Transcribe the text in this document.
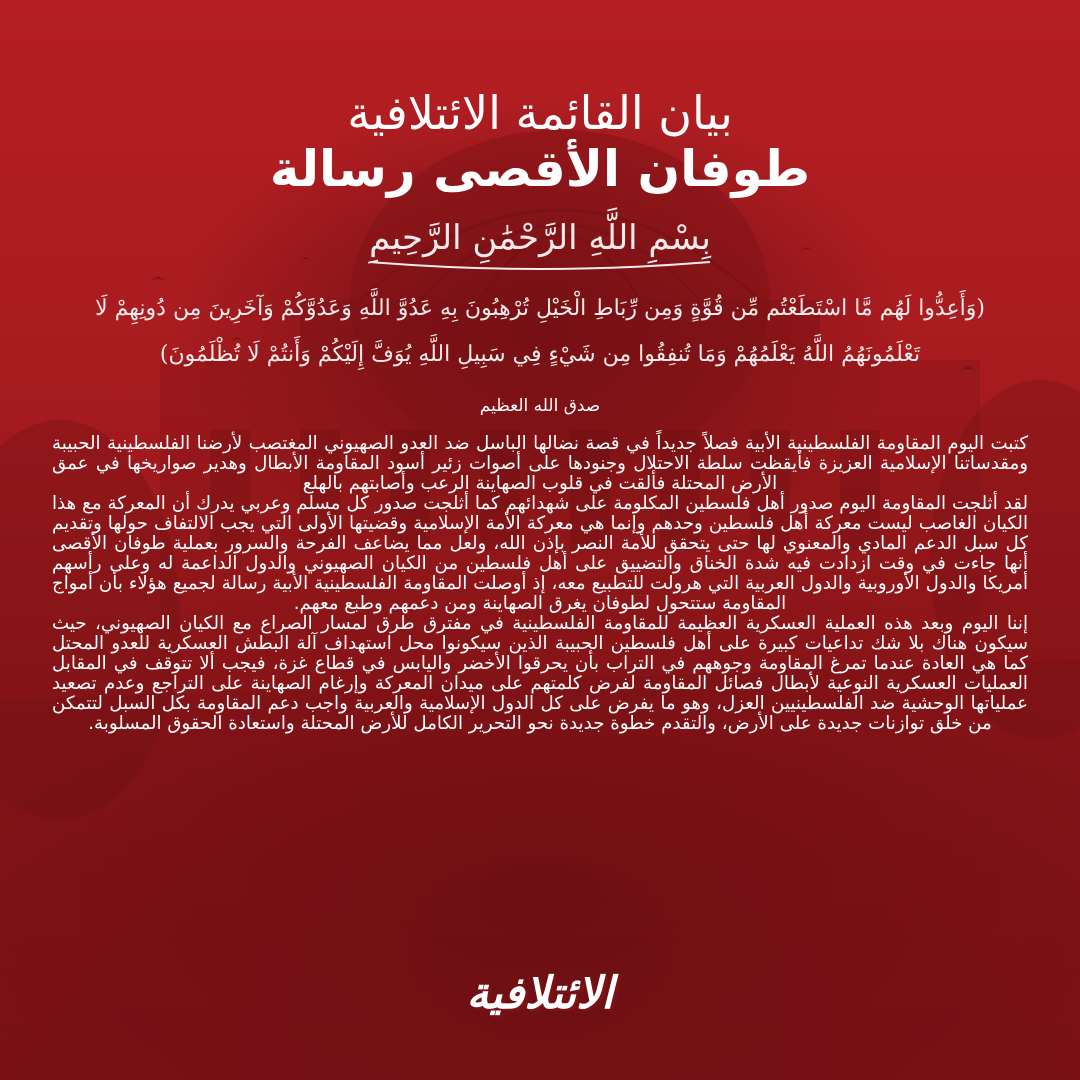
بيان القائمة الائتلافية
طوفان الأقصى رسالة
بِسْمِ اللَّهِ الرَّحْمَٰنِ الرَّحِيمِ
(وَأَعِدُّوا لَهُم مَّا اسْتَطَعْتُم مِّن قُوَّةٍ وَمِن رِّبَاطِ الْخَيْلِ تُرْهِبُونَ بِهِ عَدُوَّ اللَّهِ وَعَدُوَّكُمْ وَآخَرِينَ مِن دُونِهِمْ لَا تَعْلَمُونَهُمُ اللَّهُ يَعْلَمُهُمْ وَمَا تُنفِقُوا مِن شَيْءٍ فِي سَبِيلِ اللَّهِ يُوَفَّ إِلَيْكُمْ وَأَنتُمْ لَا تُظْلَمُونَ)
صدق الله العظيم

كتبت اليوم المقاومة الفلسطينية الأبية فصلاً جديداً في قصة نضالها الباسل ضد العدو الصهيوني المغتصب لأرضنا الفلسطينية الحبيبة ومقدساتنا الإسلامية العزيزة فأيقظت سلطة الاحتلال وجنودها على أصوات زئير أسود المقاومة الأبطال وهدير صواريخها في عمق الأرض المحتلة فألقت في قلوب الصهاينة الرعب وأصابتهم بالهلع

لقد أثلجت المقاومة اليوم صدور أهل فلسطين المكلومة على شهدائهم كما أثلجت صدور كل مسلم وعربي يدرك أن المعركة مع هذا الكيان الغاصب ليست معركة أهل فلسطين وحدهم وإنما هي معركة الأمة الإسلامية وقضيتها الأولى التي يجب الالتفاف حولها وتقديم كل سبل الدعم المادي والمعنوي لها حتى يتحقق للأمة النصر بإذن الله، ولعل مما يضاعف الفرحة والسرور بعملية طوفان الأقصى أنها جاءت في وقت ازدادت فيه شدة الخناق والتضييق على أهل فلسطين من الكيان الصهيوني والدول الداعمة له وعلى رأسهم أمريكا والدول الأوروبية والدول العربية التي هرولت للتطبيع معه، إذ أوصلت المقاومة الفلسطينية الأبية رسالة لجميع هؤلاء بأن أمواج المقاومة ستتحول لطوفان يغرق الصهاينة ومن دعمهم وطبع معهم.

إننا اليوم وبعد هذه العملية العسكرية العظيمة للمقاومة الفلسطينية في مفترق طرق لمسار الصراع مع الكيان الصهيوني، حيث سيكون هناك بلا شك تداعيات كبيرة على أهل فلسطين الحبيبة الذين سيكونوا محل استهداف آلة البطش العسكرية للعدو المحتل كما هي العادة عندما تمرغ المقاومة وجوههم في التراب بأن يحرقوا الأخضر واليابس في قطاع غزة، فيجب ألا تتوقف في المقابل العمليات العسكرية النوعية لأبطال فصائل المقاومة لفرض كلمتهم على ميدان المعركة وإرغام الصهاينة على التراجع وعدم تصعيد عملياتها الوحشية ضد الفلسطينيين العزل، وهو ما يفرض على كل الدول الإسلامية والعربية واجب دعم المقاومة بكل السبل لتتمكن من خلق توازنات جديدة على الأرض، والتقدم خطوة جديدة نحو التحرير الكامل للأرض المحتلة واستعادة الحقوق المسلوبة.

الائتلافية
